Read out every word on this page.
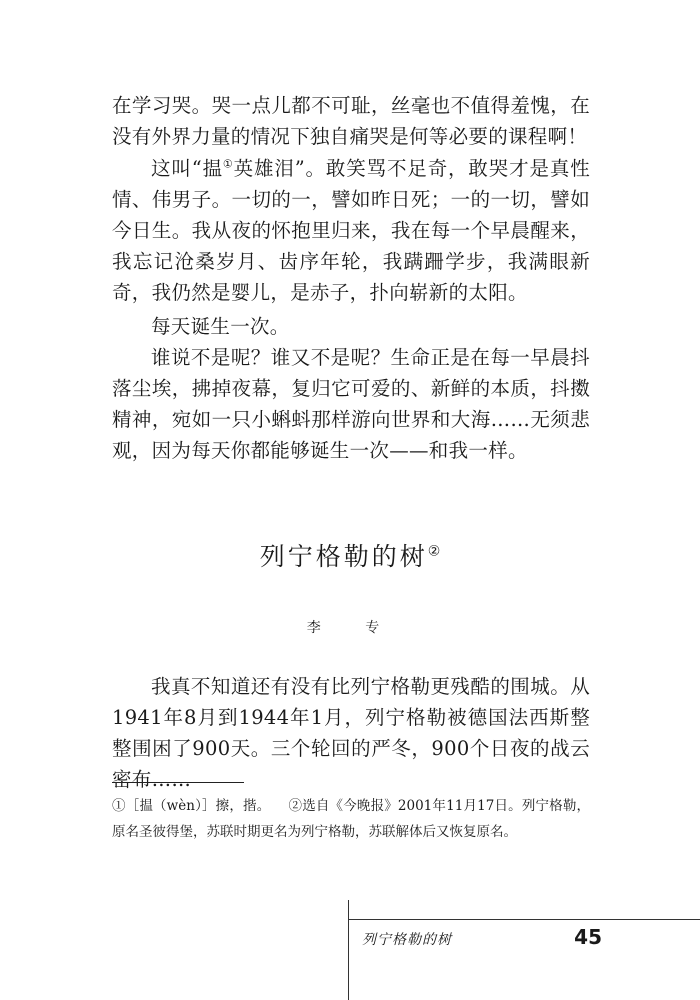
在学习哭。哭一点儿都不可耻，丝毫也不值得羞愧，在没有外界力量的情况下独自痛哭是何等必要的课程啊！

这叫“揾①英雄泪”。敢笑骂不足奇，敢哭才是真性情、伟男子。一切的一，譬如昨日死；一的一切，譬如今日生。我从夜的怀抱里归来，我在每一个早晨醒来，我忘记沧桑岁月、齿序年轮，我蹒跚学步，我满眼新奇，我仍然是婴儿，是赤子，扑向崭新的太阳。

每天诞生一次。

谁说不是呢？谁又不是呢？生命正是在每一早晨抖落尘埃，拂掉夜幕，复归它可爱的、新鲜的本质，抖擞精神，宛如一只小蝌蚪那样游向世界和大海……无须悲观，因为每天你都能够诞生一次——和我一样。

列宁格勒的树②

李 专

我真不知道还有没有比列宁格勒更残酷的围城。从1941年8月到1944年1月，列宁格勒被德国法西斯整整围困了900天。三个轮回的严冬，900个日夜的战云密布……

①［揾（wèn）］擦，揩。 ②选自《今晚报》2001年11月17日。列宁格勒，原名圣彼得堡，苏联时期更名为列宁格勒，苏联解体后又恢复原名。

列宁格勒的树	45
